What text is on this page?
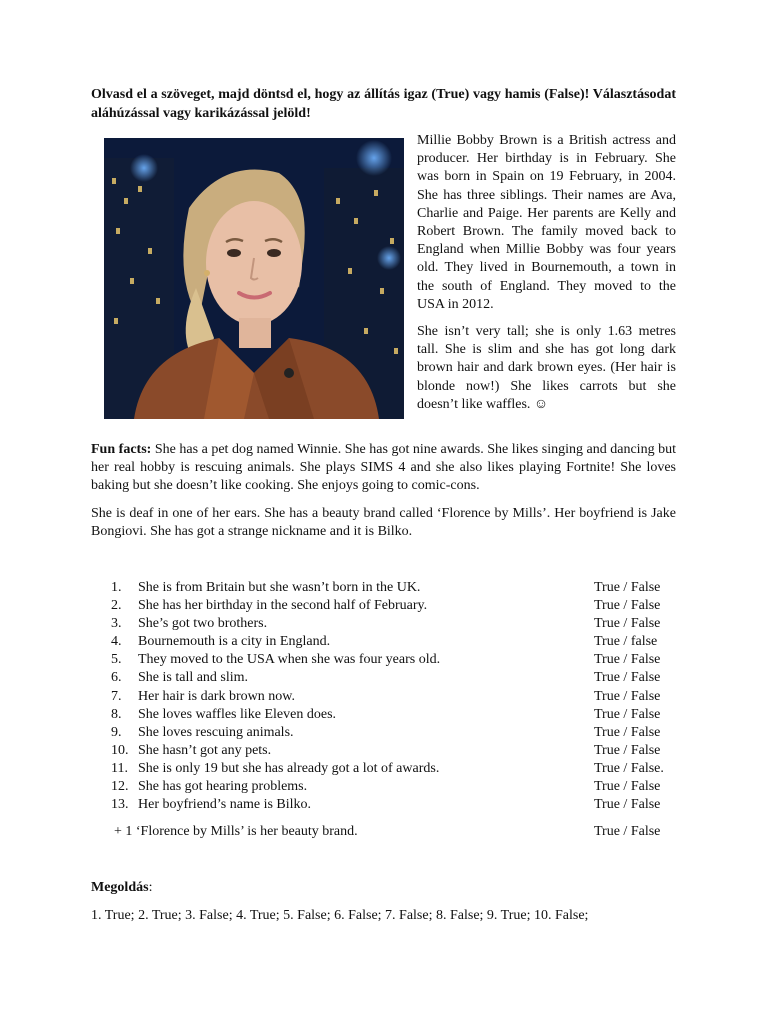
Olvasd el a szöveget, majd döntsd el, hogy az állítás igaz (True) vagy hamis (False)! Választásodat aláhúzással vagy karikázással jelöld!

Millie Bobby Brown is a British actress and producer. Her birthday is in February. She was born in Spain on 19 February, in 2004. She has three siblings. Their names are Ava, Charlie and Paige. Her parents are Kelly and Robert Brown. The family moved back to England when Millie Bobby was four years old. They lived in Bournemouth, a town in the south of England. They moved to the USA in 2012.

She isn’t very tall; she is only 1.63 metres tall. She is slim and she has got long dark brown hair and dark brown eyes. (Her hair is blonde now!) She likes carrots but she doesn’t like waffles. ☺

Fun facts: She has a pet dog named Winnie. She has got nine awards. She likes singing and dancing but her real hobby is rescuing animals. She plays SIMS 4 and she also likes playing Fortnite! She loves baking but she doesn’t like cooking. She enjoys going to comic-cons.

She is deaf in one of her ears. She has a beauty brand called ‘Florence by Mills’. Her boyfriend is Jake Bongiovi. She has got a strange nickname and it is Bilko.

1.	She is from Britain but she wasn’t born in the UK.	True / False
2.	She has her birthday in the second half of February.	True / False
3.	She’s got two brothers.	True / False
4.	Bournemouth is a city in England.	True / false
5.	They moved to the USA when she was four years old.	True / False
6.	She is tall and slim.	True / False
7.	Her hair is dark brown now.	True / False
8.	She loves waffles like Eleven does.	True / False
9.	She loves rescuing animals.	True / False
10. She hasn’t got any pets.	True / False
11. She is only 19 but she has already got a lot of awards.	True / False.
12. She has got hearing problems.	True / False
13. Her boyfriend’s name is Bilko.	True / False
+ 1 ‘Florence by Mills’ is her beauty brand.	True / False
Megoldás:
1. True; 2. True; 3. False; 4. True; 5. False; 6. False; 7. False; 8. False; 9. True; 10. False;
